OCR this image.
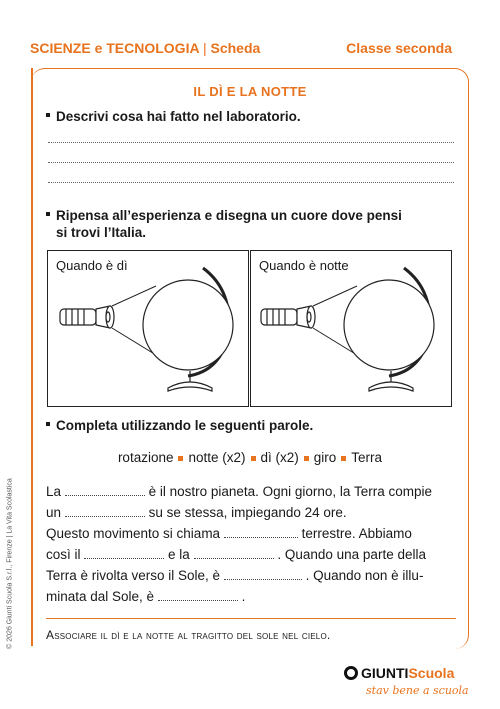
SCIENZE e TECNOLOGIA | Scheda	Classe seconda
IL DÌ E LA NOTTE
Descrivi cosa hai fatto nel laboratorio.
Ripensa all’esperienza e disegna un cuore dove pensi
si trovi l’Italia.
Quando è dì	Quando è notte
Completa utilizzando le seguenti parole.
rotazione notte (x2) dì (x2) giro Terra
La	è il nostro pianeta. Ogni giorno, la Terra compie
un	su se stessa, impiegando 24 ore.
Questo movimento si chiama	terrestre. Abbiamo
così il	e la	. Quando una parte della
Terra è rivolta verso il Sole, è	. Quando non è illu-
minata dal Sole, è	.
Associare il dì e la notte al tragitto del sole nel cielo.
© 2026 Giunti Scuola S.r.l., Firenze | La Vita Scolastica
GIUNTIScuola
stav bene a scuola
